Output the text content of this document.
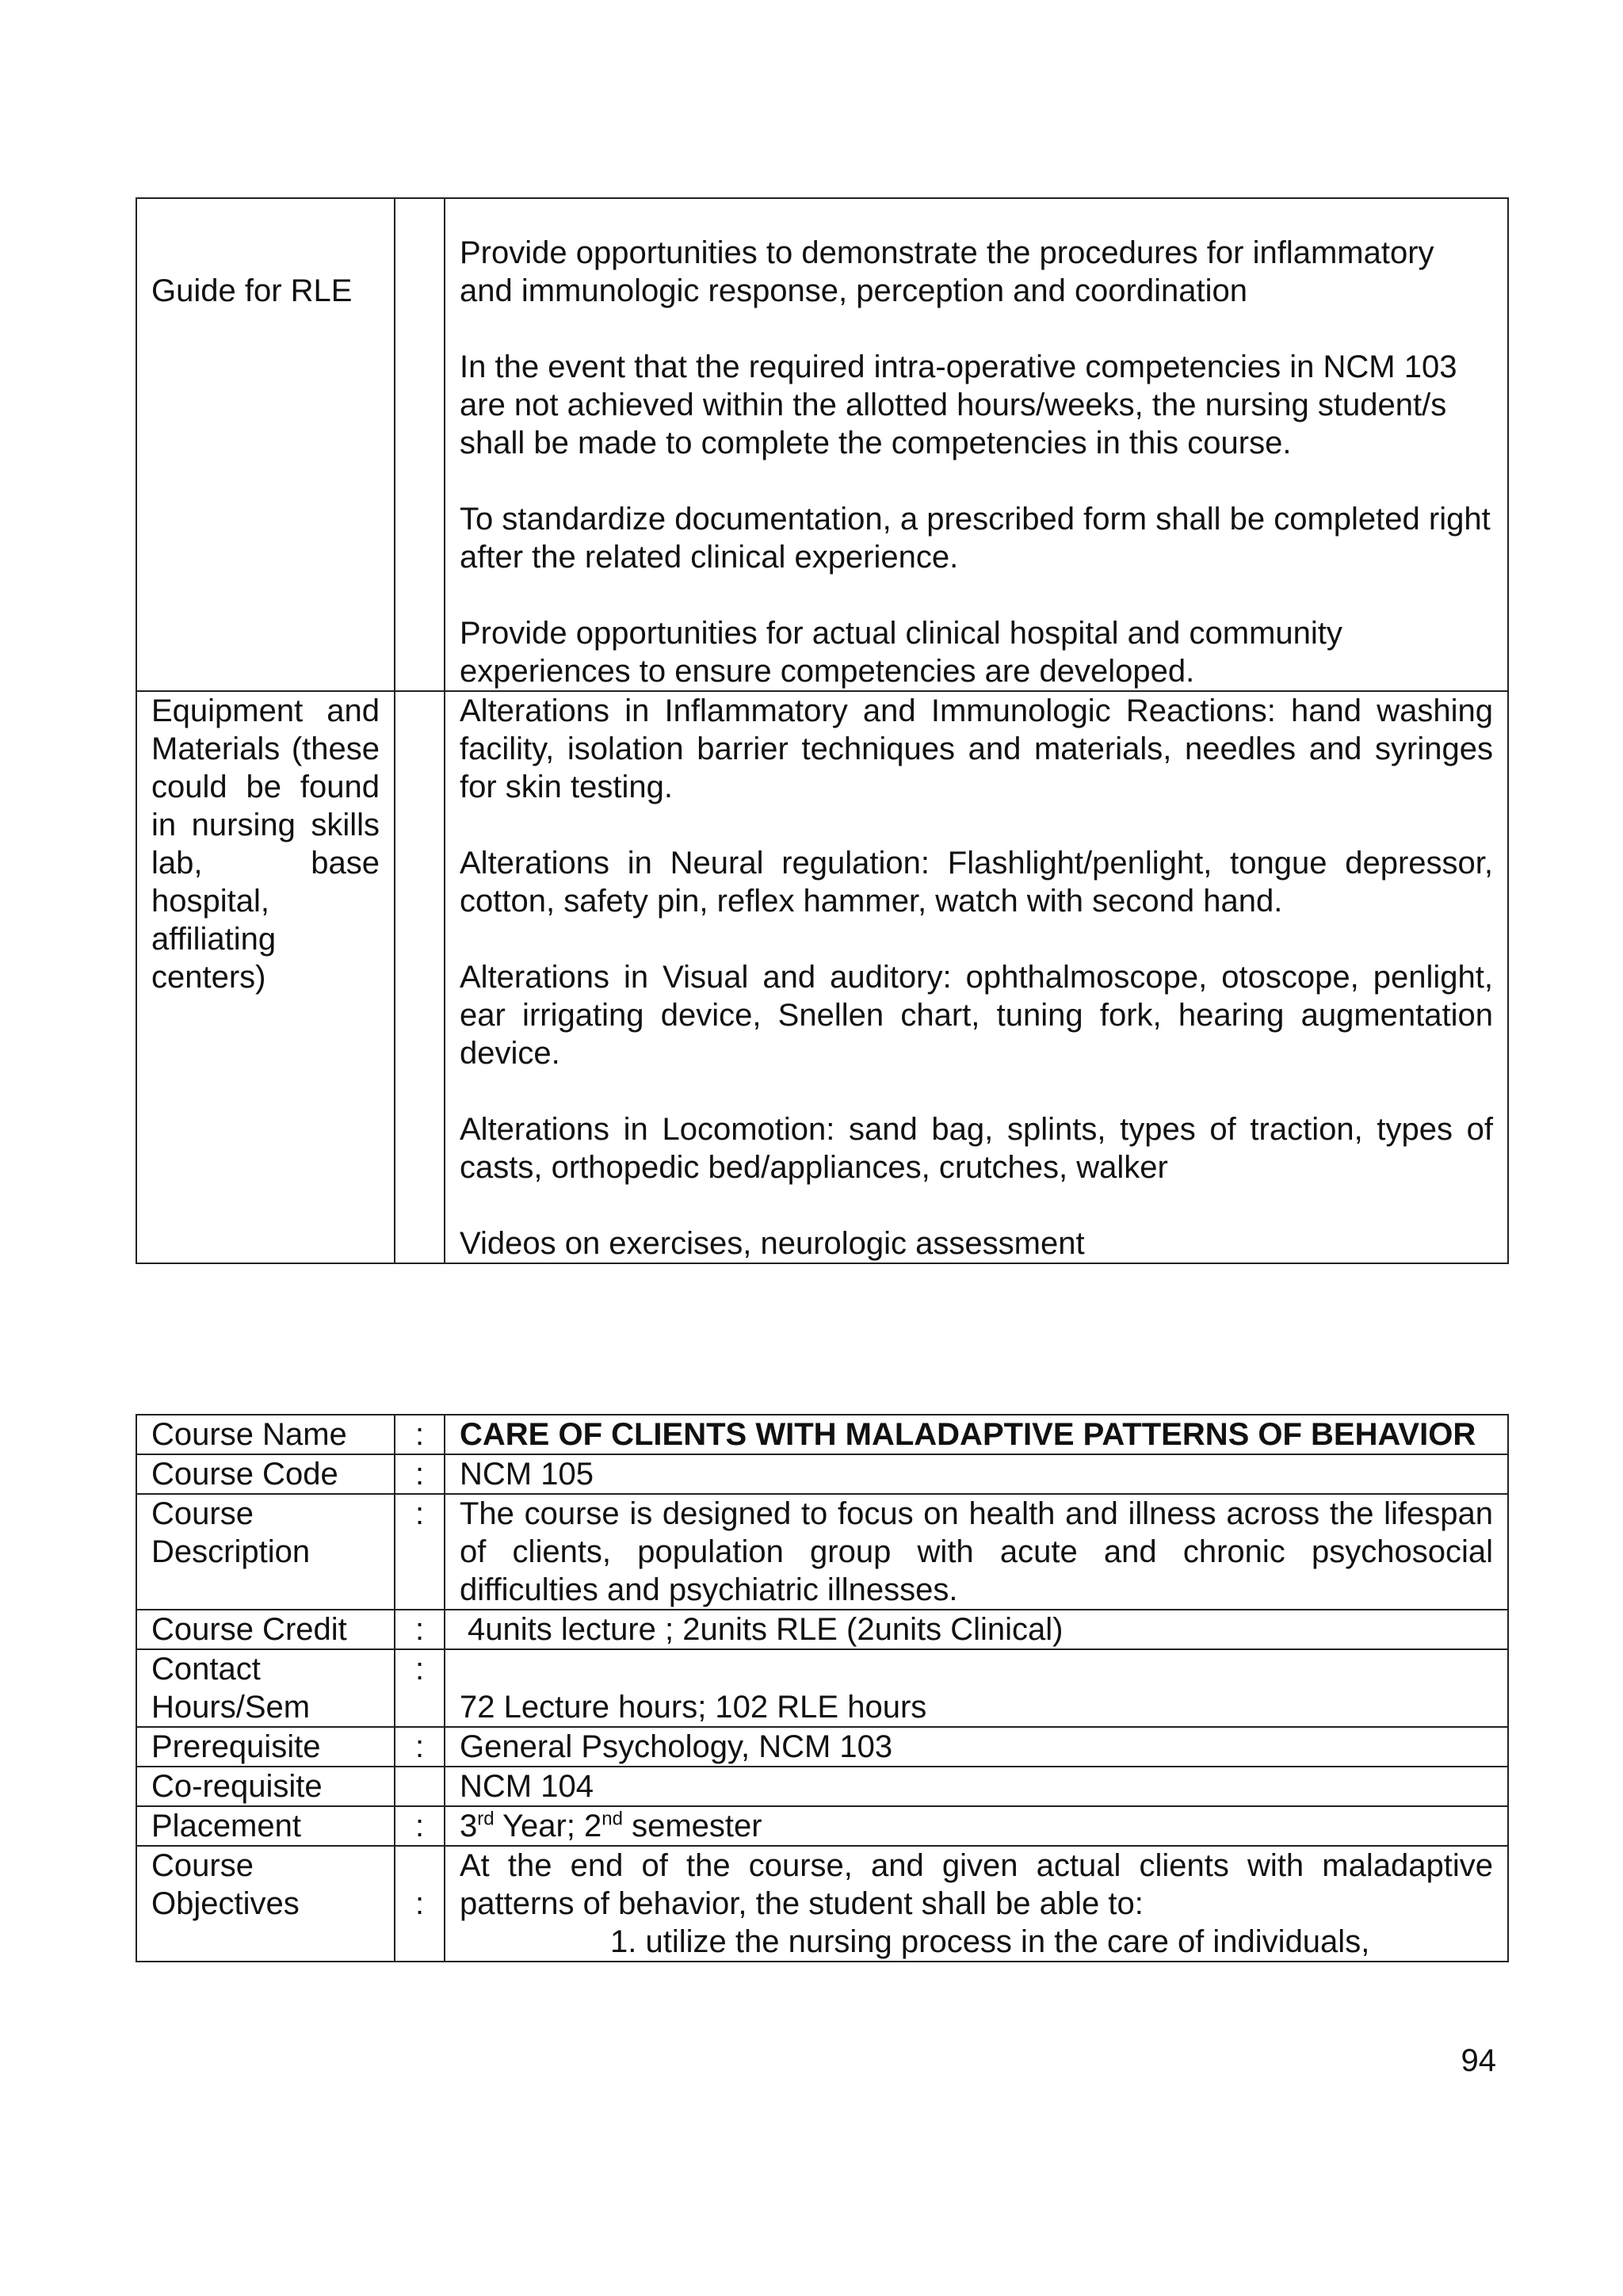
Guide for RLE		Provide opportunities to demonstrate the procedures for inflammatory and immunologic response, perception and coordination

In the event that the required intra-operative competencies in NCM 103 are not achieved within the allotted hours/weeks, the nursing student/s shall be made to complete the competencies in this course.

To standardize documentation, a prescribed form shall be completed right after the related clinical experience.

Provide opportunities for actual clinical hospital and community experiences to ensure competencies are developed.

Equipment and Materials (these could be found in nursing skills lab, base hospital, affiliating centers)		Alterations in Inflammatory and Immunologic Reactions: hand washing facility, isolation barrier techniques and materials, needles and syringes for skin testing.

Alterations in Neural regulation: Flashlight/penlight, tongue depressor, cotton, safety pin, reflex hammer, watch with second hand.

Alterations in Visual and auditory: ophthalmoscope, otoscope, penlight, ear irrigating device, Snellen chart, tuning fork, hearing augmentation device.

Alterations in Locomotion: sand bag, splints, types of traction, types of casts, orthopedic bed/appliances, crutches, walker

Videos on exercises, neurologic assessment

Course Name	:	CARE OF CLIENTS WITH MALADAPTIVE PATTERNS OF BEHAVIOR
Course Code	:	NCM 105
Course Description	:	The course is designed to focus on health and illness across the lifespan of clients, population group with acute and chronic psychosocial difficulties and psychiatric illnesses.
Course Credit	:	4units lecture ; 2units RLE (2units Clinical)
Contact Hours/Sem	:	72 Lecture hours; 102 RLE hours
Prerequisite	:	General Psychology, NCM 103
Co-requisite		NCM 104
Placement	:	3rd Year; 2nd semester
Course Objectives	:	At the end of the course, and given actual clients with maladaptive patterns of behavior, the student shall be able to:
1. utilize the nursing process in the care of individuals,
94
